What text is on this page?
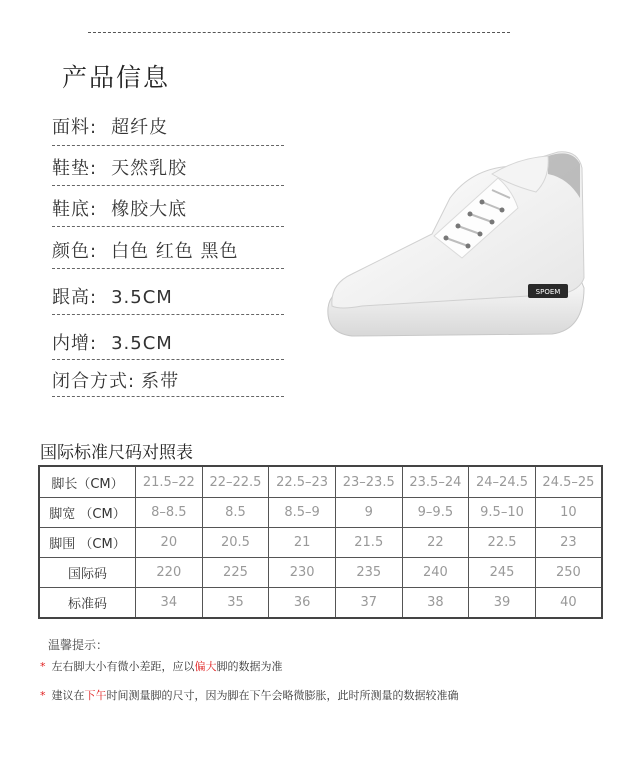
产品信息
面料: 超纤皮
鞋垫: 天然乳胶
鞋底: 橡胶大底
颜色: 白色 红色 黑色
跟高: 3.5CM
内增: 3.5CM
闭合方式: 系带
SPOEM
国际标准尺码对照表
脚长（CM）	21.5–22	22–22.5	22.5–23	23–23.5	23.5–24	24–24.5	24.5–25
脚宽 （CM）	8–8.5	8.5	8.5–9	9	9–9.5	9.5–10	10
脚围 （CM）	20	20.5	21	21.5	22	22.5	23
国际码	220	225	230	235	240	245	250
标准码	34	35	36	37	38	39	40
温馨提示：
* 左右脚大小有微小差距，应以偏大脚的数据为准
* 建议在下午时间测量脚的尺寸，因为脚在下午会略微膨胀，此时所测量的数据较准确
